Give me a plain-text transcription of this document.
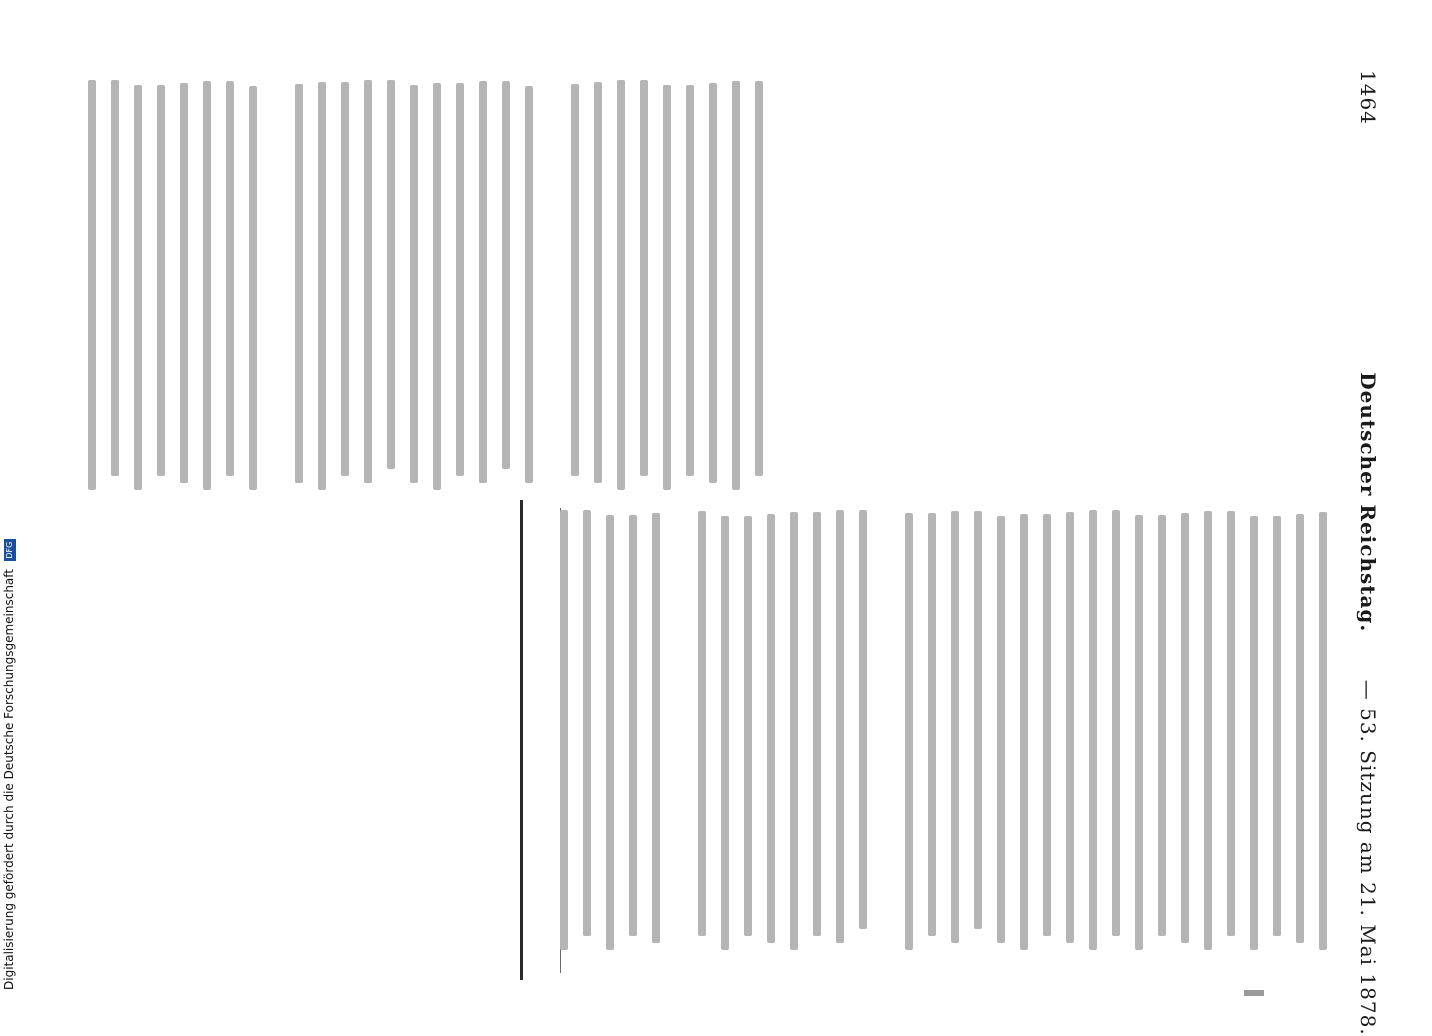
1464 Deutscher Reichstag. — 53. Sitzung am 21. Mai 1878.
Digitalisierung gefördert durch die Deutsche Forschungsgemeinschaft DFG
